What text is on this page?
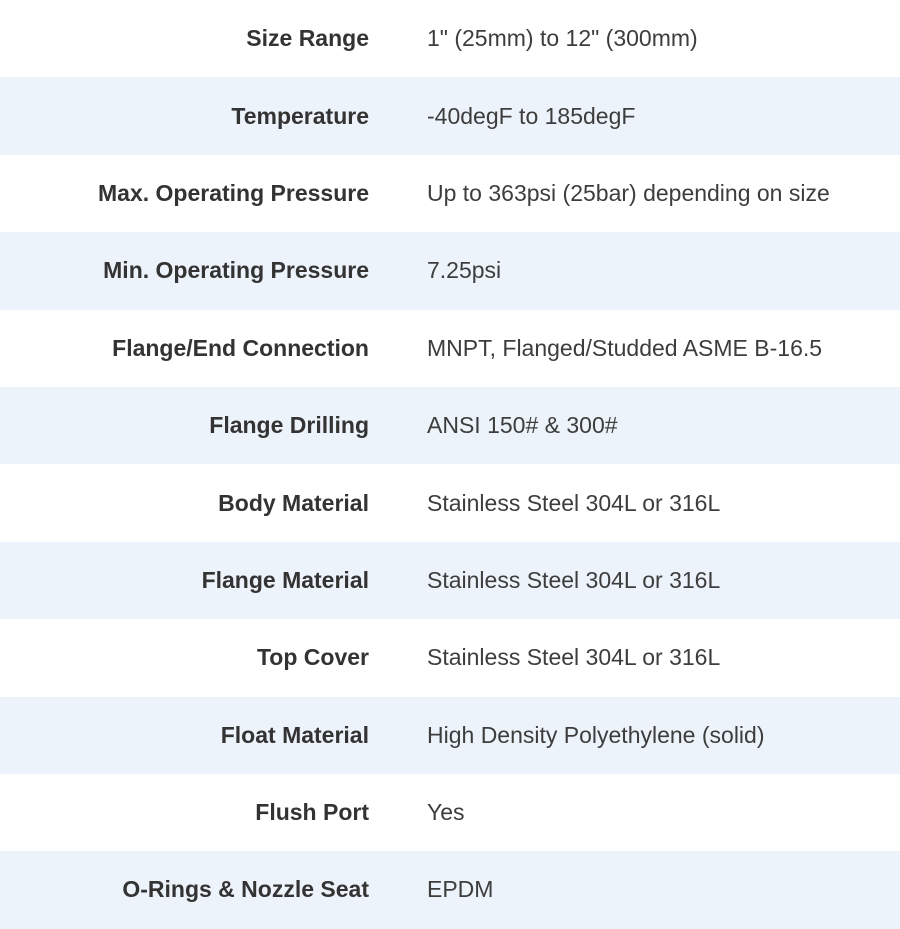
Size Range	1" (25mm) to 12" (300mm)
Temperature	-40degF to 185degF
Max. Operating Pressure	Up to 363psi (25bar) depending on size
Min. Operating Pressure	7.25psi
Flange/End Connection	MNPT, Flanged/Studded ASME B-16.5
Flange Drilling	ANSI 150# & 300#
Body Material	Stainless Steel 304L or 316L
Flange Material	Stainless Steel 304L or 316L
Top Cover	Stainless Steel 304L or 316L
Float Material	High Density Polyethylene (solid)
Flush Port	Yes
O-Rings & Nozzle Seat	EPDM
